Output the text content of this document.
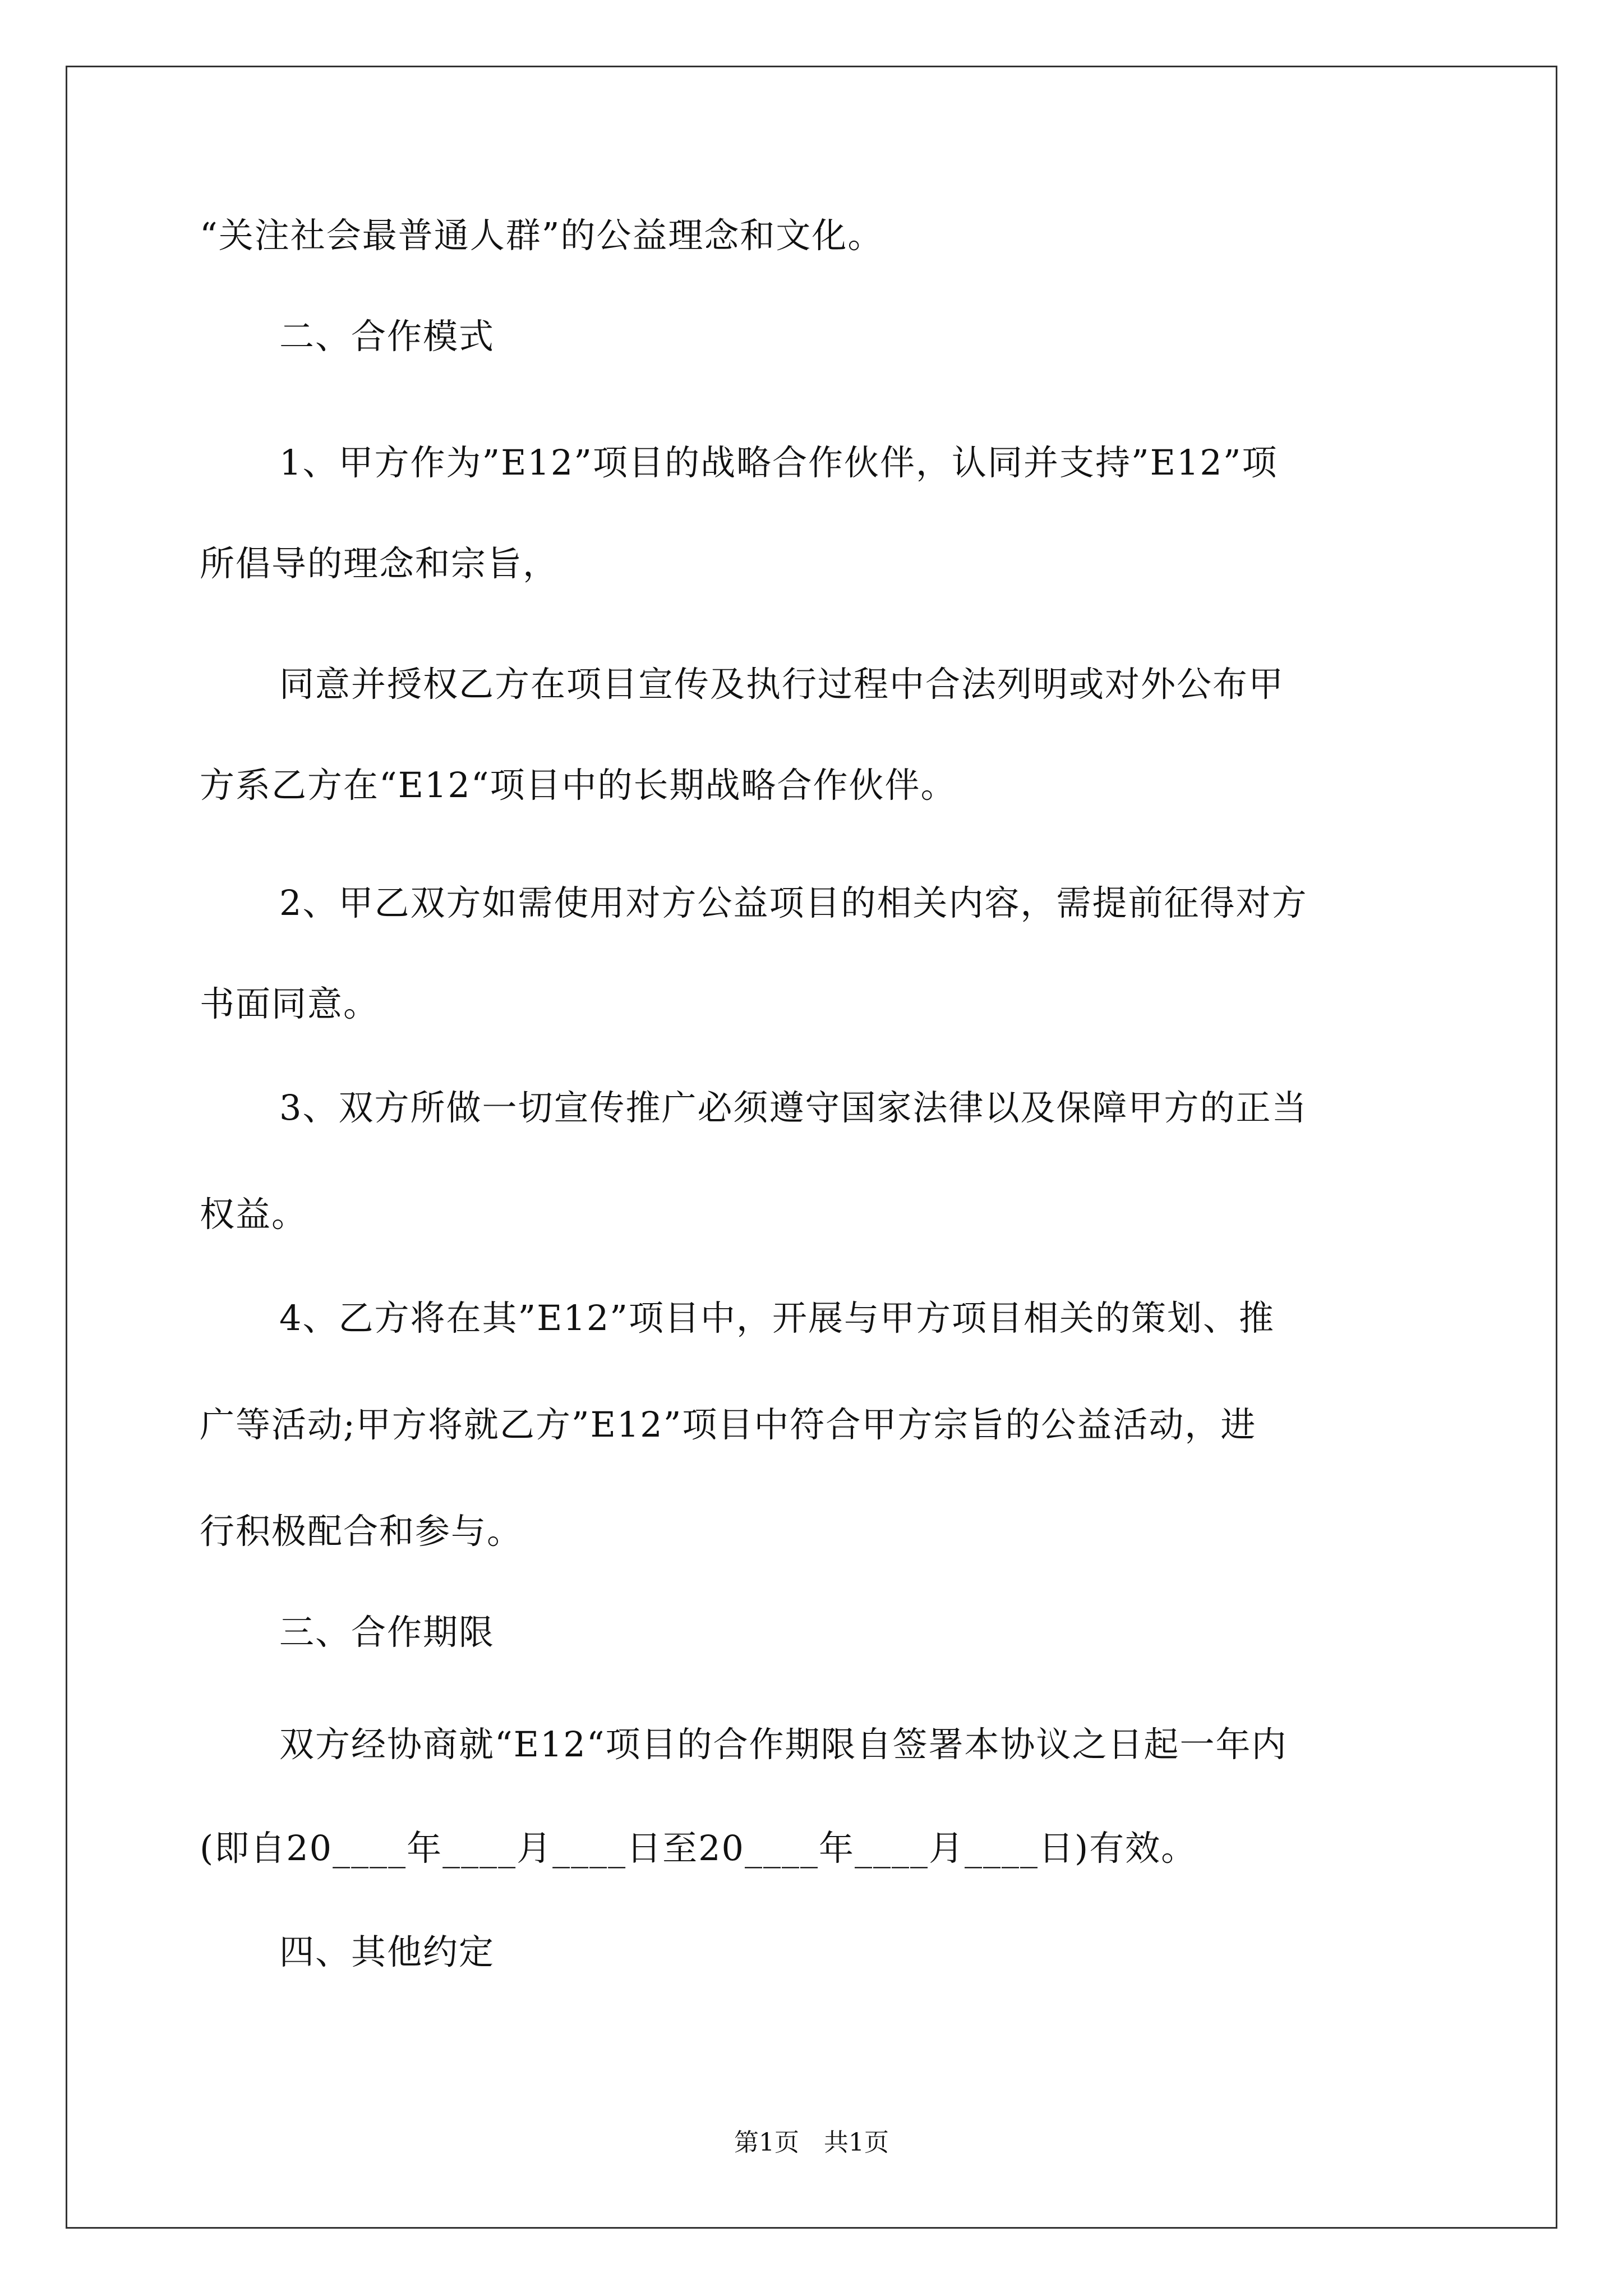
“关注社会最普通人群”的公益理念和文化。
二、合作模式
1、甲方作为”E12”项目的战略合作伙伴，认同并支持”E12”项
所倡导的理念和宗旨，
同意并授权乙方在项目宣传及执行过程中合法列明或对外公布甲
方系乙方在“E12“项目中的长期战略合作伙伴。
2、甲乙双方如需使用对方公益项目的相关内容，需提前征得对方
书面同意。
3、双方所做一切宣传推广必须遵守国家法律以及保障甲方的正当
权益。
4、乙方将在其”E12”项目中，开展与甲方项目相关的策划、推
广等活动;甲方将就乙方”E12”项目中符合甲方宗旨的公益活动，进
行积极配合和参与。
三、合作期限
双方经协商就“E12“项目的合作期限自签署本协议之日起一年内
(即自20____年____月____日至20____年____月____日)有效。
四、其他约定
第1页　共1页
